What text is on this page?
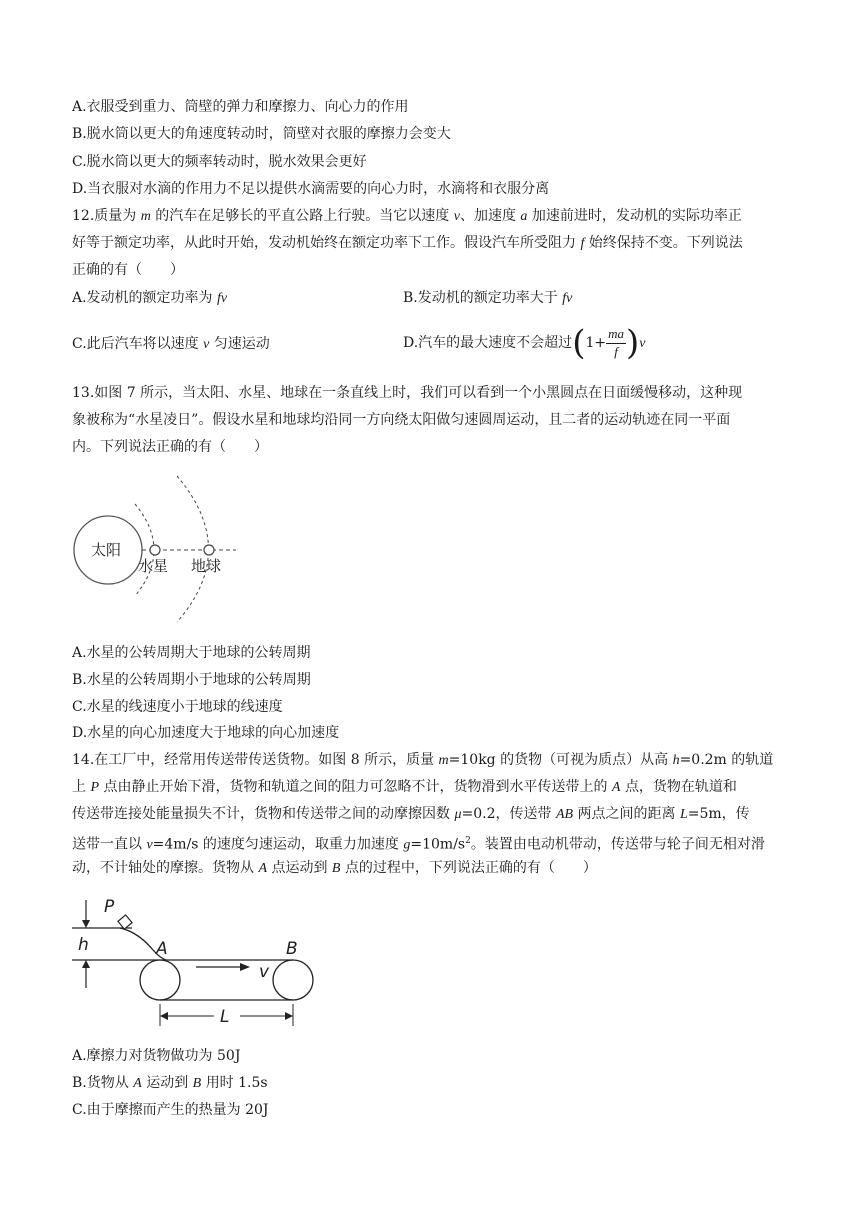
A.衣服受到重力、筒壁的弹力和摩擦力、向心力的作用
B.脱水筒以更大的角速度转动时，筒壁对衣服的摩擦力会变大
C.脱水筒以更大的频率转动时，脱水效果会更好
D.当衣服对水滴的作用力不足以提供水滴需要的向心力时，水滴将和衣服分离
12.质量为 m 的汽车在足够长的平直公路上行驶。当它以速度 v、加速度 a 加速前进时，发动机的实际功率正
好等于额定功率，从此时开始，发动机始终在额定功率下工作。假设汽车所受阻力 f 始终保持不变。下列说法
正确的有（　　）
A.发动机的额定功率为 fv	B.发动机的额定功率大于 fv
C.此后汽车将以速度 v 匀速运动	D.汽车的最大速度不会超过$(1+ \frac{ma}{f} )v$
13.如图 7 所示，当太阳、水星、地球在一条直线上时，我们可以看到一个小黑圆点在日面缓慢移动，这种现
象被称为“水星凌日”。假设水星和地球均沿同一方向绕太阳做匀速圆周运动，且二者的运动轨迹在同一平面
内。下列说法正确的有（　　）
太阳
水星 地球
A.水星的公转周期大于地球的公转周期
B.水星的公转周期小于地球的公转周期
C.水星的线速度小于地球的线速度
D.水星的向心加速度大于地球的向心加速度
14.在工厂中，经常用传送带传送货物。如图 8 所示，质量 m=10kg 的货物（可视为质点）从高 h=0.2m 的轨道
上 P 点由静止开始下滑，货物和轨道之间的阻力可忽略不计，货物滑到水平传送带上的 A 点，货物在轨道和
传送带连接处能量损失不计，货物和传送带之间的动摩擦因数 μ=0.2，传送带 AB 两点之间的距离 L=5m，传
送带一直以 v=4m/s 的速度匀速运动，取重力加速度 $g=10m/s^2$。装置由电动机带动，传送带与轮子间无相对滑
动，不计轴处的摩擦。货物从 A 点运动到 B 点的过程中，下列说法正确的有（　　）
h
P
A	B
v
L
A.摩擦力对货物做功为 50J
B.货物从 A 运动到 B 用时 1.5s
C.由于摩擦而产生的热量为 20J
